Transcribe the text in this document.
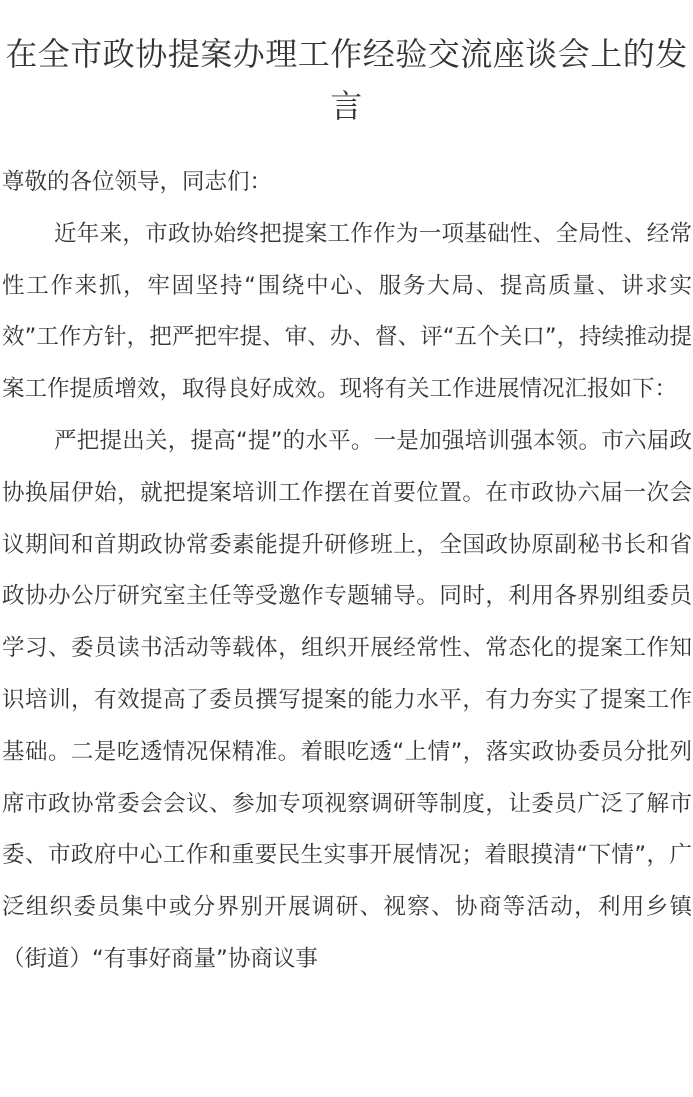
在全市政协提案办理工作经验交流座谈会上的发言

尊敬的各位领导，同志们：

近年来，市政协始终把提案工作作为一项基础性、全局性、经常性工作来抓，牢固坚持“围绕中心、服务大局、提高质量、讲求实效”工作方针，把严把牢提、审、办、督、评“五个关口”，持续推动提案工作提质增效，取得良好成效。现将有关工作进展情况汇报如下：

严把提出关，提高“提”的水平。一是加强培训强本领。市六届政协换届伊始，就把提案培训工作摆在首要位置。在市政协六届一次会议期间和首期政协常委素能提升研修班上，全国政协原副秘书长和省政协办公厅研究室主任等受邀作专题辅导。同时，利用各界别组委员学习、委员读书活动等载体，组织开展经常性、常态化的提案工作知识培训，有效提高了委员撰写提案的能力水平，有力夯实了提案工作基础。二是吃透情况保精准。着眼吃透“上情”，落实政协委员分批列席市政协常委会会议、参加专项视察调研等制度，让委员广泛了解市委、市政府中心工作和重要民生实事开展情况；着眼摸清“下情”，广泛组织委员集中或分界别开展调研、视察、协商等活动，利用乡镇（街道）“有事好商量”协商议事
